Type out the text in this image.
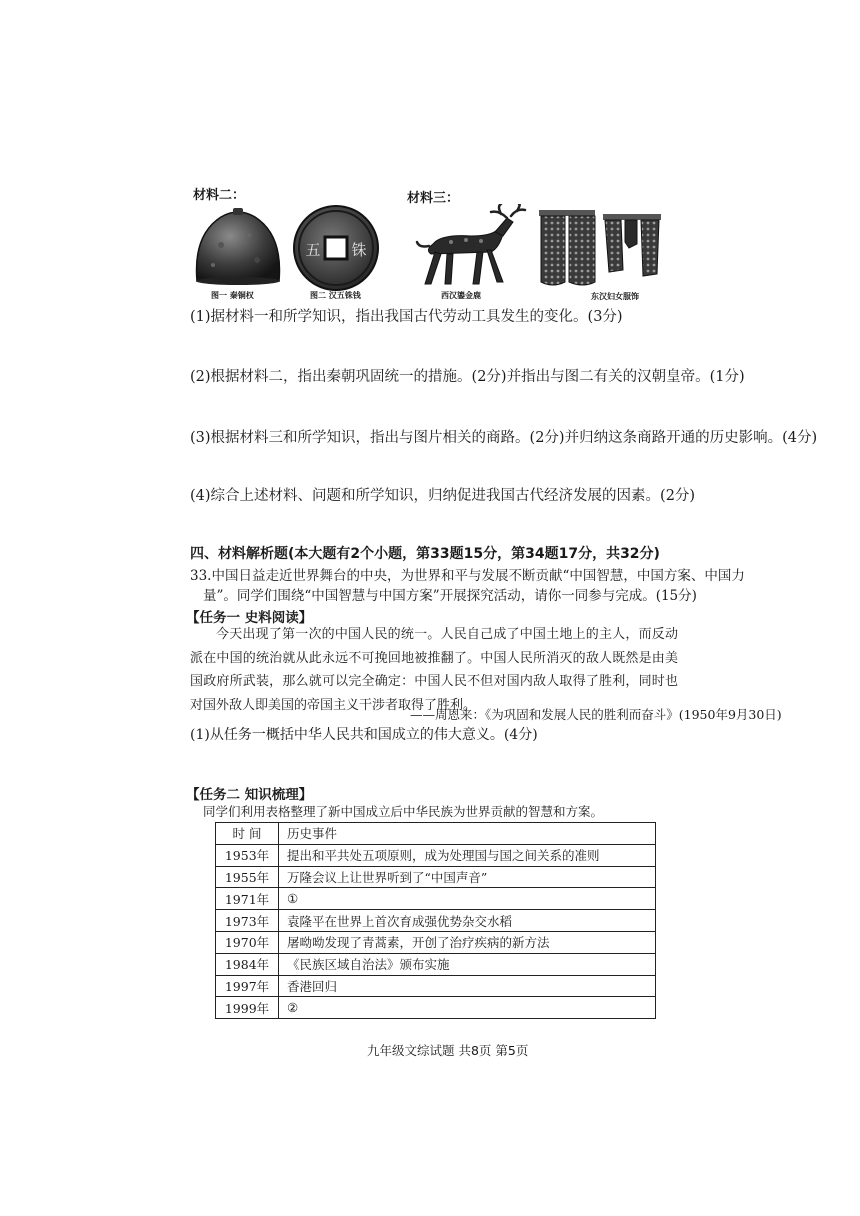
材料二：
五 铢
图一 秦铜权	图二 汉五铢钱
材料三：
西汉鎏金鹿	东汉妇女服饰
(1)据材料一和所学知识，指出我国古代劳动工具发生的变化。(3分)
(2)根据材料二，指出秦朝巩固统一的措施。(2分)并指出与图二有关的汉朝皇帝。(1分)
(3)根据材料三和所学知识，指出与图片相关的商路。(2分)并归纳这条商路开通的历史影响。(4分)
(4)综合上述材料、问题和所学知识，归纳促进我国古代经济发展的因素。(2分)
四、材料解析题(本大题有2个小题，第33题15分，第34题17分，共32分)
33.中国日益走近世界舞台的中央，为世界和平与发展不断贡献“中国智慧，中国方案、中国力
量”。同学们围绕“中国智慧与中国方案”开展探究活动，请你一同参与完成。(15分)
【任务一 史料阅读】

今天出现了第一次的中国人民的统一。人民自己成了中国土地上的主人，而反动派在中国的统治就从此永远不可挽回地被推翻了。中国人民所消灭的敌人既然是由美国政府所武装，那么就可以完全确定：中国人民不但对国内敌人取得了胜利，同时也对国外敌人即美国的帝国主义干涉者取得了胜利。

——周恩来：《为巩固和发展人民的胜利而奋斗》(1950年9月30日)
(1)从任务一概括中华人民共和国成立的伟大意义。(4分)
【任务二 知识梳理】
同学们利用表格整理了新中国成立后中华民族为世界贡献的智慧和方案。
时 间	历史事件
1953年	提出和平共处五项原则，成为处理国与国之间关系的准则
1955年	万隆会议上让世界听到了“中国声音”
1971年	①
1973年	袁隆平在世界上首次育成强优势杂交水稻
1970年	屠呦呦发现了青蒿素，开创了治疗疾病的新方法
1984年	《民族区域自治法》颁布实施
1997年	香港回归
1999年	②
九年级文综试题 共8页 第5页
